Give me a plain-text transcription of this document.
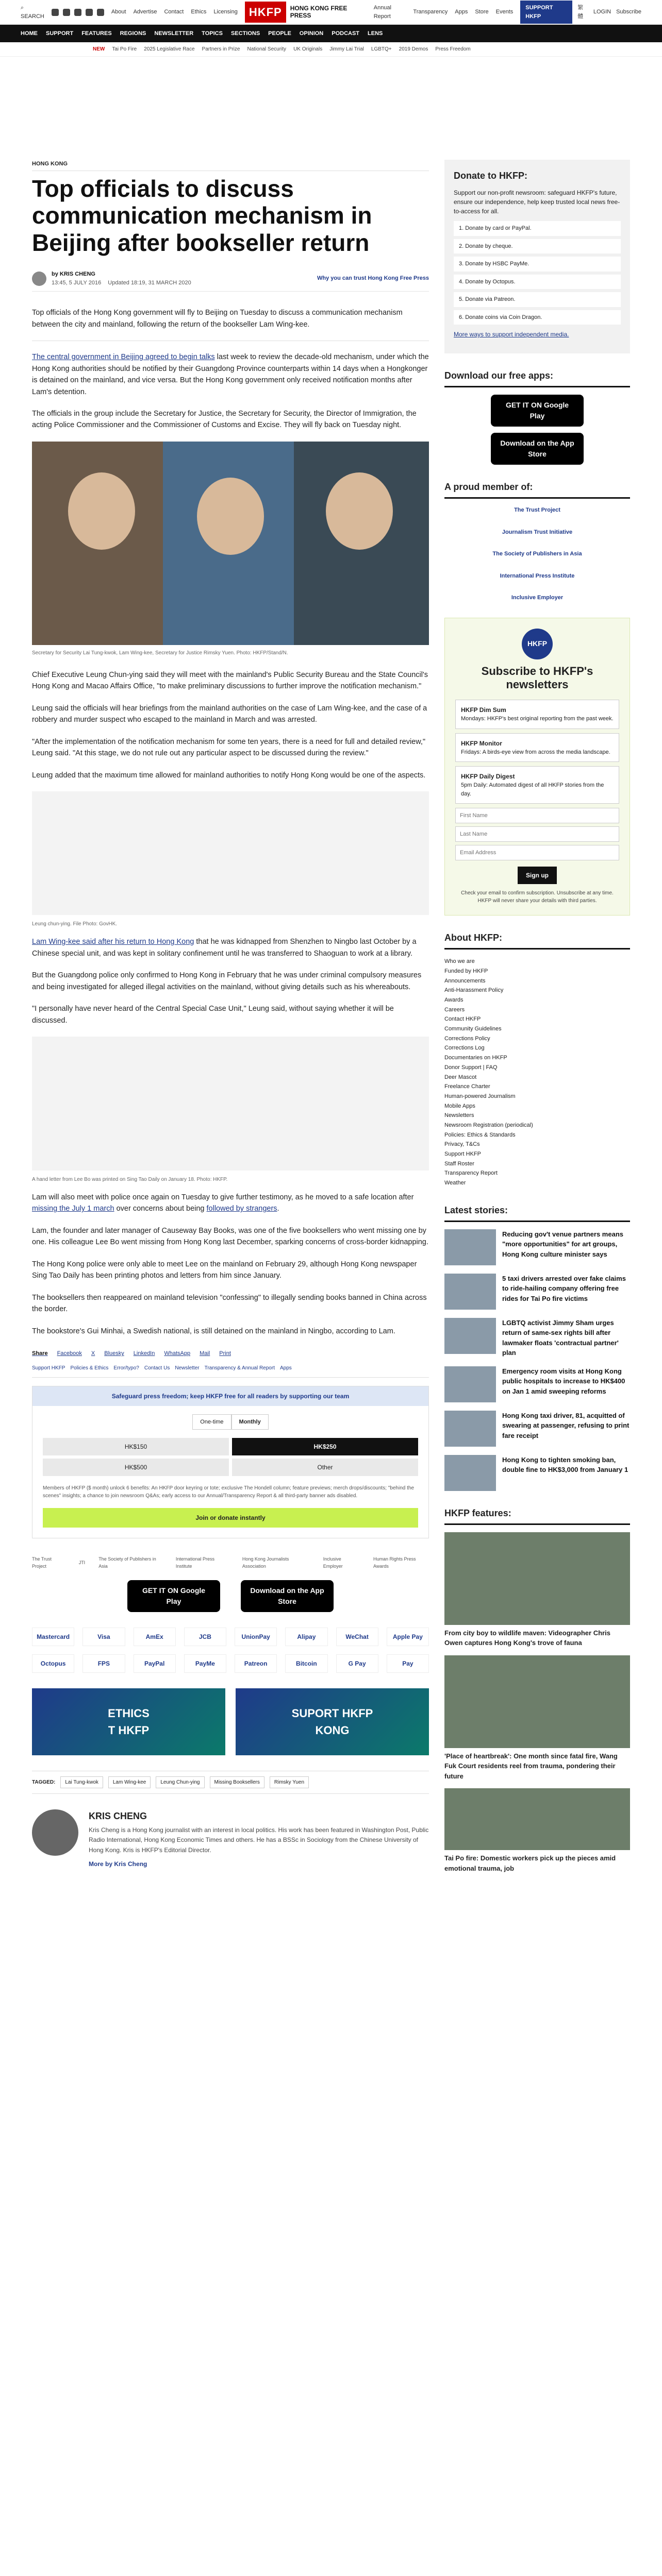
⌕ SEARCH
About Advertise Contact Ethics Licensing	HKFP	HONG KONG FREE PRESS
Annual Report
Transparency Apps Store Events
SUPPORT HKFP
繁體
LOGIN Subscribe
HOME SUPPORT FEATURES REGIONS NEWSLETTER TOPICS SECTIONS PEOPLE OPINION PODCAST LENS
NEW Tai Po Fire 2025 Legislative Race Partners in Prize National Security UK Originals Jimmy Lai Trial LGBTQ+ 2019 Demos Press Freedom
HONG KONG
Top officials to discuss communication mechanism in Beijing after bookseller return
by KRIS CHENG
13:45, 5 JULY 2016 Updated 18:19, 31 MARCH 2020
Why you can trust Hong Kong Free Press

Top officials of the Hong Kong government will fly to Beijing on Tuesday to discuss a communication mechanism between the city and mainland, following the return of the bookseller Lam Wing-kee.

The central government in Beijing agreed to begin talks last week to review the decade-old mechanism, under which the Hong Kong authorities should be notified by their Guangdong Province counterparts within 14 days when a Hongkonger is detained on the mainland, and vice versa. But the Hong Kong government only received notification months after Lam's detention.

The officials in the group include the Secretary for Justice, the Secretary for Security, the Director of Immigration, the acting Police Commissioner and the Commissioner of Customs and Excise. They will fly back on Tuesday night.

Secretary for Security Lai Tung-kwok, Lam Wing-kee, Secretary for Justice Rimsky Yuen. Photo: HKFP/Stand/N.

Chief Executive Leung Chun-ying said they will meet with the mainland's Public Security Bureau and the State Council's Hong Kong and Macao Affairs Office, "to make preliminary discussions to further improve the notification mechanism."

Leung said the officials will hear briefings from the mainland authorities on the case of Lam Wing-kee, and the case of a robbery and murder suspect who escaped to the mainland in March and was arrested.

"After the implementation of the notification mechanism for some ten years, there is a need for full and detailed review," Leung said. "At this stage, we do not rule out any particular aspect to be discussed during the review."

Leung added that the maximum time allowed for mainland authorities to notify Hong Kong would be one of the aspects.

Leung chun-ying. File Photo: GovHK.

Lam Wing-kee said after his return to Hong Kong that he was kidnapped from Shenzhen to Ningbo last October by a Chinese special unit, and was kept in solitary confinement until he was transferred to Shaoguan to work at a library.

But the Guangdong police only confirmed to Hong Kong in February that he was under criminal compulsory measures and being investigated for alleged illegal activities on the mainland, without giving details such as his whereabouts.

"I personally have never heard of the Central Special Case Unit," Leung said, without saying whether it will be discussed.

A hand letter from Lee Bo was printed on Sing Tao Daily on January 18. Photo: HKFP.

Lam will also meet with police once again on Tuesday to give further testimony, as he moved to a safe location after missing the July 1 march over concerns about being followed by strangers.

Lam, the founder and later manager of Causeway Bay Books, was one of the five booksellers who went missing one by one. His colleague Lee Bo went missing from Hong Kong last December, sparking concerns of cross-border kidnapping.

The Hong Kong police were only able to meet Lee on the mainland on February 29, although Hong Kong newspaper Sing Tao Daily has been printing photos and letters from him since January.

The booksellers then reappeared on mainland television "confessing" to illegally sending books banned in China across the border.

The bookstore's Gui Minhai, a Swedish national, is still detained on the mainland in Ningbo, according to Lam.

Share Facebook X Bluesky LinkedIn WhatsApp Mail Print
Support HKFP Policies & Ethics Error/typo? Contact Us Newsletter Transparency & Annual Report Apps
Safeguard press freedom; keep HKFP free for all readers by supporting our team
One-time	Monthly
HK$150	HK$250
HK$500	Other
Members of HKFP ($ month) unlock 6 benefits: An HKFP door keyring or tote; exclusive The Hondell column; feature previews; merch drops/discounts; "behind the scenes" insights; a chance to join newsroom Q&As; early access to our Annual/Transparency Report & all third-party banner ads disabled.
Join or donate instantly
The Trust Project
JTI
The Society of Publishers in Asia
International Press Institute
Hong Kong Journalists Association
Inclusive Employer
Human Rights Press Awards
GET IT ON Google Play
Download on the App Store
Mastercard	Visa	AmEx	JCB	UnionPay	Alipay	WeChat	Apple Pay
Octopus	FPS	PayPal	PayMe	Patreon	Bitcoin	G Pay	Pay
ETHICS
T HKFP
SUPORT HKFP
KONG
TAGGED:	Lai Tung-kwok	Lam Wing-kee	Leung Chun-ying	Missing Booksellers	Rimsky Yuen
KRIS CHENG

Kris Cheng is a Hong Kong journalist with an interest in local politics. His work has been featured in Washington Post, Public Radio International, Hong Kong Economic Times and others. He has a BSSc in Sociology from the Chinese University of Hong Kong. Kris is HKFP's Editorial Director.

More by Kris Cheng

Donate to HKFP:

Support our non-profit newsroom: safeguard HKFP's future, ensure our independence, help keep trusted local news free-to-access for all.

1. Donate by card or PayPal.
2. Donate by cheque.
3. Donate by HSBC PayMe.
4. Donate by Octopus.
5. Donate via Patreon.
6. Donate coins via Coin Dragon.

More ways to support independent media.

Download our free apps:
GET IT ON Google Play
Download on the App Store
A proud member of:
The Trust Project
Journalism Trust Initiative
The Society of Publishers in Asia
International Press Institute
Inclusive Employer
HKFP
Subscribe to HKFP's newsletters
HKFP Dim Sum
Mondays: HKFP's best original reporting from the past week.
HKFP Monitor
Fridays: A birds-eye view from across the media landscape.
HKFP Daily Digest
5pm Daily: Automated digest of all HKFP stories from the day.
First Name
Last Name
Email Address Sign up

Check your email to confirm subscription. Unsubscribe at any time. HKFP will never share your details with third parties.

About HKFP:
Who we are
Funded by HKFP
Announcements
Anti-Harassment Policy
Awards
Careers
Contact HKFP
Community Guidelines
Corrections Policy
Corrections Log
Documentaries on HKFP
Donor Support | FAQ
Deer Mascot
Freelance Charter
Human-powered Journalism
Mobile Apps
Newsletters
Newsroom Registration (periodical)
Policies: Ethics & Standards
Privacy, T&Cs
Support HKFP
Staff Roster
Transparency Report
Weather
Latest stories:
Reducing gov't venue partners means "more opportunities" for art groups, Hong Kong culture minister says
5 taxi drivers arrested over fake claims to ride-hailing company offering free rides for Tai Po fire victims
LGBTQ activist Jimmy Sham urges return of same-sex rights bill after lawmaker floats 'contractual partner' plan
Emergency room visits at Hong Kong public hospitals to increase to HK$400 on Jan 1 amid sweeping reforms
Hong Kong taxi driver, 81, acquitted of swearing at passenger, refusing to print fare receipt
Hong Kong to tighten smoking ban, double fine to HK$3,000 from January 1
HKFP features:
From city boy to wildlife maven: Videographer Chris Owen captures Hong Kong's trove of fauna
'Place of heartbreak': One month since fatal fire, Wang Fuk Court residents reel from trauma, pondering their future
Tai Po fire: Domestic workers pick up the pieces amid emotional trauma, job
